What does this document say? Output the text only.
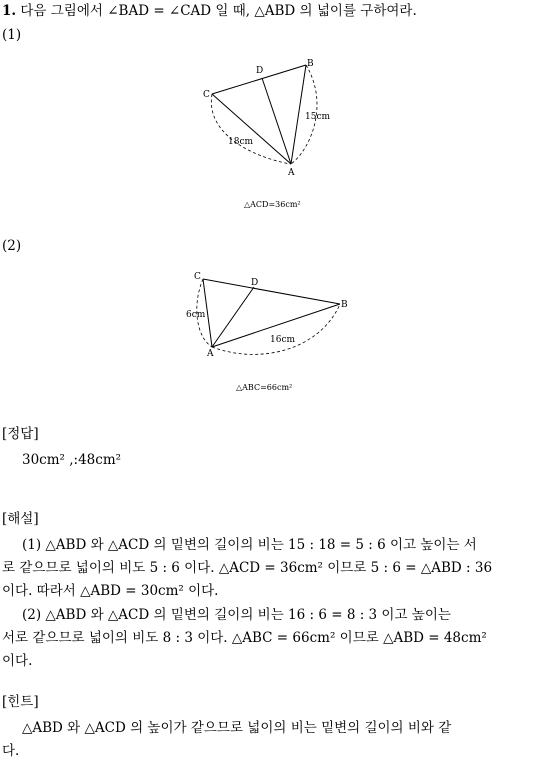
1. 다음 그림에서 ∠BAD = ∠CAD 일 때, △ABD 의 넓이를 구하여라.
(1)
C
D
B
A
15cm
18cm
△ACD=36cm²
(2)
C
D
B
A
6cm
16cm
△ABC=66cm²
[정답]
30cm² ,:48cm²
[해설]
(1) △ABD 와 △ACD 의 밑변의 길이의 비는 15 : 18 = 5 : 6 이고 높이는 서
로 같으므로 넓이의 비도 5 : 6 이다. △ACD = 36cm² 이므로 5 : 6 = △ABD : 36
이다. 따라서 △ABD = 30cm² 이다.
(2) △ABD 와 △ACD 의 밑변의 길이의 비는 16 : 6 = 8 : 3 이고 높이는
서로 같으므로 넓이의 비도 8 : 3 이다. △ABC = 66cm² 이므로 △ABD = 48cm²
이다.
[힌트]
△ABD 와 △ACD 의 높이가 같으므로 넓이의 비는 밑변의 길이의 비와 같
다.
